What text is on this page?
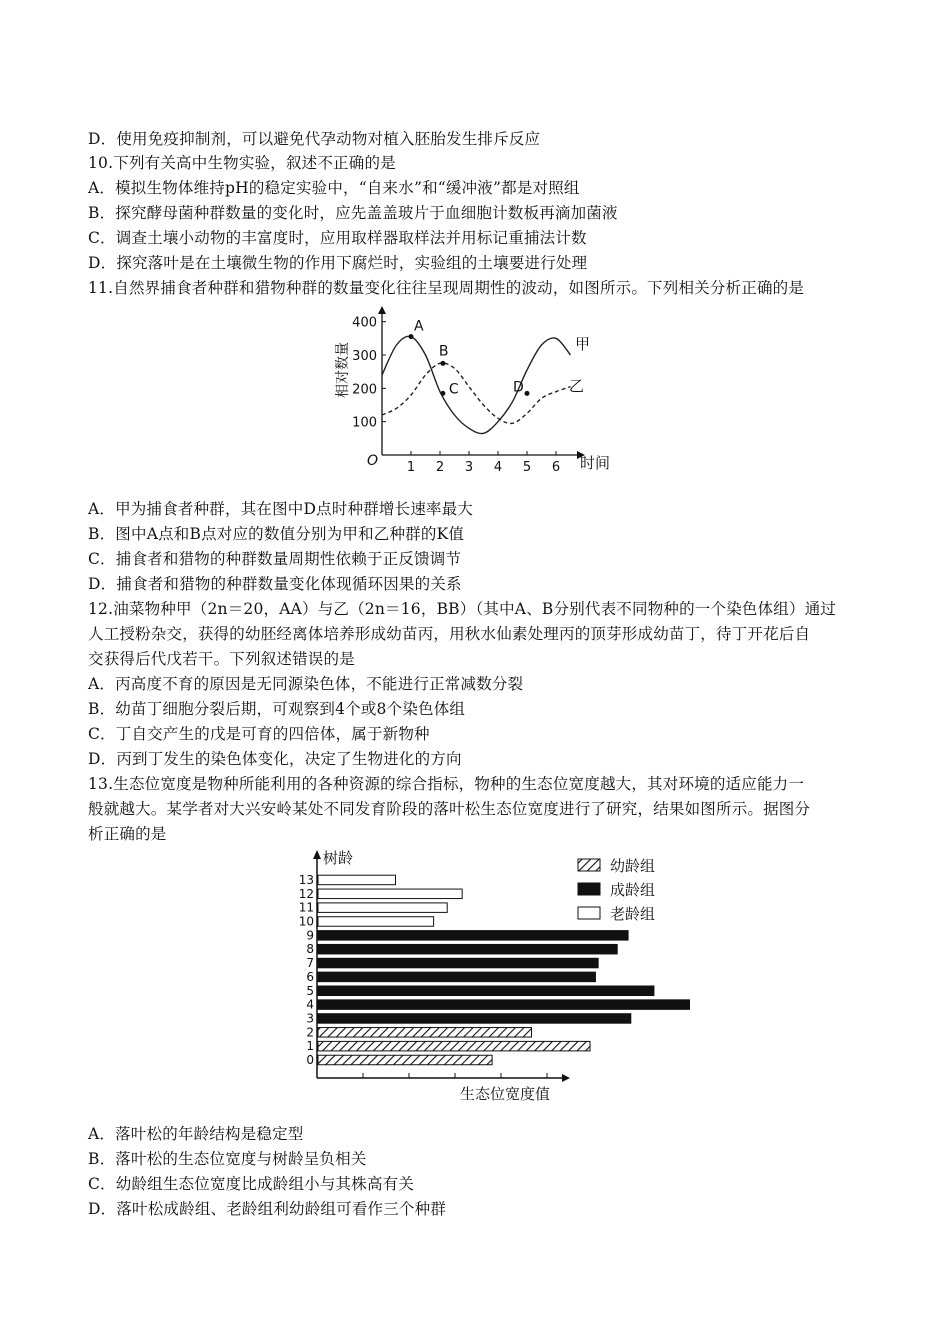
D．使用免疫抑制剂，可以避免代孕动物对植入胚胎发生排斥反应
10.下列有关高中生物实验，叙述不正确的是
A．模拟生物体维持pH的稳定实验中，“自来水”和“缓冲液”都是对照组
B．探究酵母菌种群数量的变化时，应先盖盖玻片于血细胞计数板再滴加菌液
C．调查土壤小动物的丰富度时，应用取样器取样法并用标记重捕法计数
D．探究落叶是在土壤微生物的作用下腐烂时，实验组的土壤要进行处理
11.自然界捕食者种群和猎物种群的数量变化往往呈现周期性的波动，如图所示。下列相关分析正确的是
1 2 3 4 5 6
100
200
300
400	A
B
C	D
相对数量
时间
O
甲
乙
A．甲为捕食者种群，其在图中D点时种群增长速率最大
B．图中A点和B点对应的数值分别为甲和乙种群的K值
C．捕食者和猎物的种群数量周期性依赖于正反馈调节
D．捕食者和猎物的种群数量变化体现循环因果的关系
12.油菜物种甲（2n＝20，AA）与乙（2n＝16，BB）（其中A、B分别代表不同物种的一个染色体组）通过
人工授粉杂交，获得的幼胚经离体培养形成幼苗丙，用秋水仙素处理丙的顶芽形成幼苗丁，待丁开花后自
交获得后代戊若干。下列叙述错误的是
A．丙高度不育的原因是无同源染色体，不能进行正常减数分裂
B．幼苗丁细胞分裂后期，可观察到4个或8个染色体组
C．丁自交产生的戊是可育的四倍体，属于新物种
D．丙到丁发生的染色体变化，决定了生物进化的方向
13.生态位宽度是物种所能利用的各种资源的综合指标，物种的生态位宽度越大，其对环境的适应能力一
般就越大。某学者对大兴安岭某处不同发育阶段的落叶松生态位宽度进行了研究，结果如图所示。据图分
析正确的是
0
1
2
3
4
5
6
7
8
9
10
11
12
13
幼龄组
成龄组
老龄组
树龄
生态位宽度值
A．落叶松的年龄结构是稳定型
B．落叶松的生态位宽度与树龄呈负相关
C．幼龄组生态位宽度比成龄组小与其株高有关
D．落叶松成龄组、老龄组利幼龄组可看作三个种群
